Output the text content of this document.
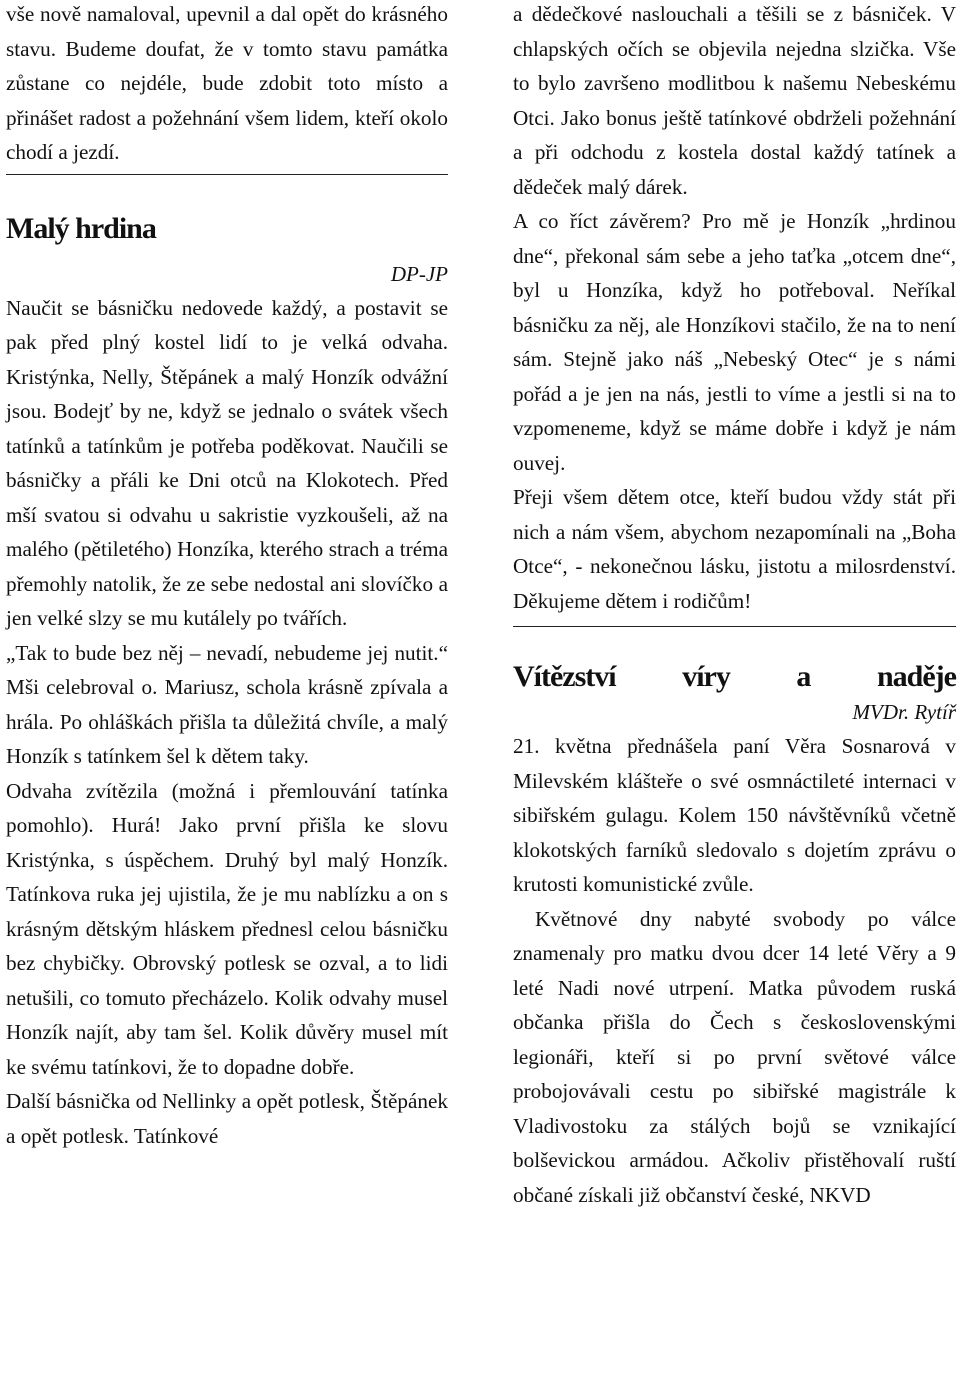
vše nově namaloval, upevnil a dal opět do krásného stavu. Budeme doufat, že v tomto stavu památka zůstane co nejdéle, bude zdobit toto místo a přinášet radost a požehnání všem lidem, kteří okolo chodí a jezdí.

Malý hrdina

DP-JP

Naučit se básničku nedovede každý, a postavit se pak před plný kostel lidí to je velká odvaha. Kristýnka, Nelly, Štěpánek a malý Honzík odvážní jsou. Bodejť by ne, když se jednalo o svátek všech tatínků a tatínkům je potřeba poděkovat. Naučili se básničky a přáli ke Dni otců na Klokotech. Před mší svatou si odvahu u sakristie vyzkoušeli, až na malého (pětiletého) Honzíka, kterého strach a tréma přemohly natolik, že ze sebe nedostal ani slovíčko a jen velké slzy se mu kutálely po tvářích.

„Tak to bude bez něj – nevadí, nebudeme jej nutit.“ Mši celebroval o. Mariusz, schola krásně zpívala a hrála. Po ohláškách přišla ta důležitá chvíle, a malý Honzík s tatínkem šel k dětem taky.

Odvaha zvítězila (možná i přemlouvání tatínka pomohlo). Hurá! Jako první přišla ke slovu Kristýnka, s úspěchem. Druhý byl malý Honzík. Tatínkova ruka jej ujistila, že je mu nablízku a on s krásným dětským hláskem přednesl celou básničku bez chybičky. Obrovský potlesk se ozval, a to lidi netušili, co tomuto přecházelo. Kolik odvahy musel Honzík najít, aby tam šel. Kolik důvěry musel mít ke svému tatínkovi, že to dopadne dobře.

Další básnička od Nellinky a opět potlesk, Štěpánek a opět potlesk. Tatínkové

a dědečkové naslouchali a těšili se z básniček. V chlapských očích se objevila nejedna slzička. Vše to bylo završeno modlitbou k našemu Nebeskému Otci. Jako bonus ještě tatínkové obdrželi požehnání a při odchodu z kostela dostal každý tatínek a dědeček malý dárek.

A co říct závěrem? Pro mě je Honzík „hrdinou dne“, překonal sám sebe a jeho taťka „otcem dne“, byl u Honzíka, když ho potřeboval. Neříkal básničku za něj, ale Honzíkovi stačilo, že na to není sám. Stejně jako náš „Nebeský Otec“ je s námi pořád a je jen na nás, jestli to víme a jestli si na to vzpomeneme, když se máme dobře i když je nám ouvej.

Přeji všem dětem otce, kteří budou vždy stát při nich a nám všem, abychom nezapomínali na „Boha Otce“, - nekonečnou lásku, jistotu a milosrdenství. Děkujeme dětem i rodičům!

Vítězství víry a naděje

MVDr. Rytíř

21. května přednášela paní Věra Sosnarová v Milevském klášteře o své osmnáctileté internaci v sibiřském gulagu. Kolem 150 návštěvníků včetně klokotských farníků sledovalo s dojetím zprávu o krutosti komunistické zvůle.

Květnové dny nabyté svobody po válce znamenaly pro matku dvou dcer 14 leté Věry a 9 leté Nadi nové utrpení. Matka původem ruská občanka přišla do Čech s československými legionáři, kteří si po první světové válce probojovávali cestu po sibiřské magistrále k Vladivostoku za stálých bojů se vznikající bolševickou armádou. Ačkoliv přistěhovalí ruští občané získali již občanství české, NKVD
